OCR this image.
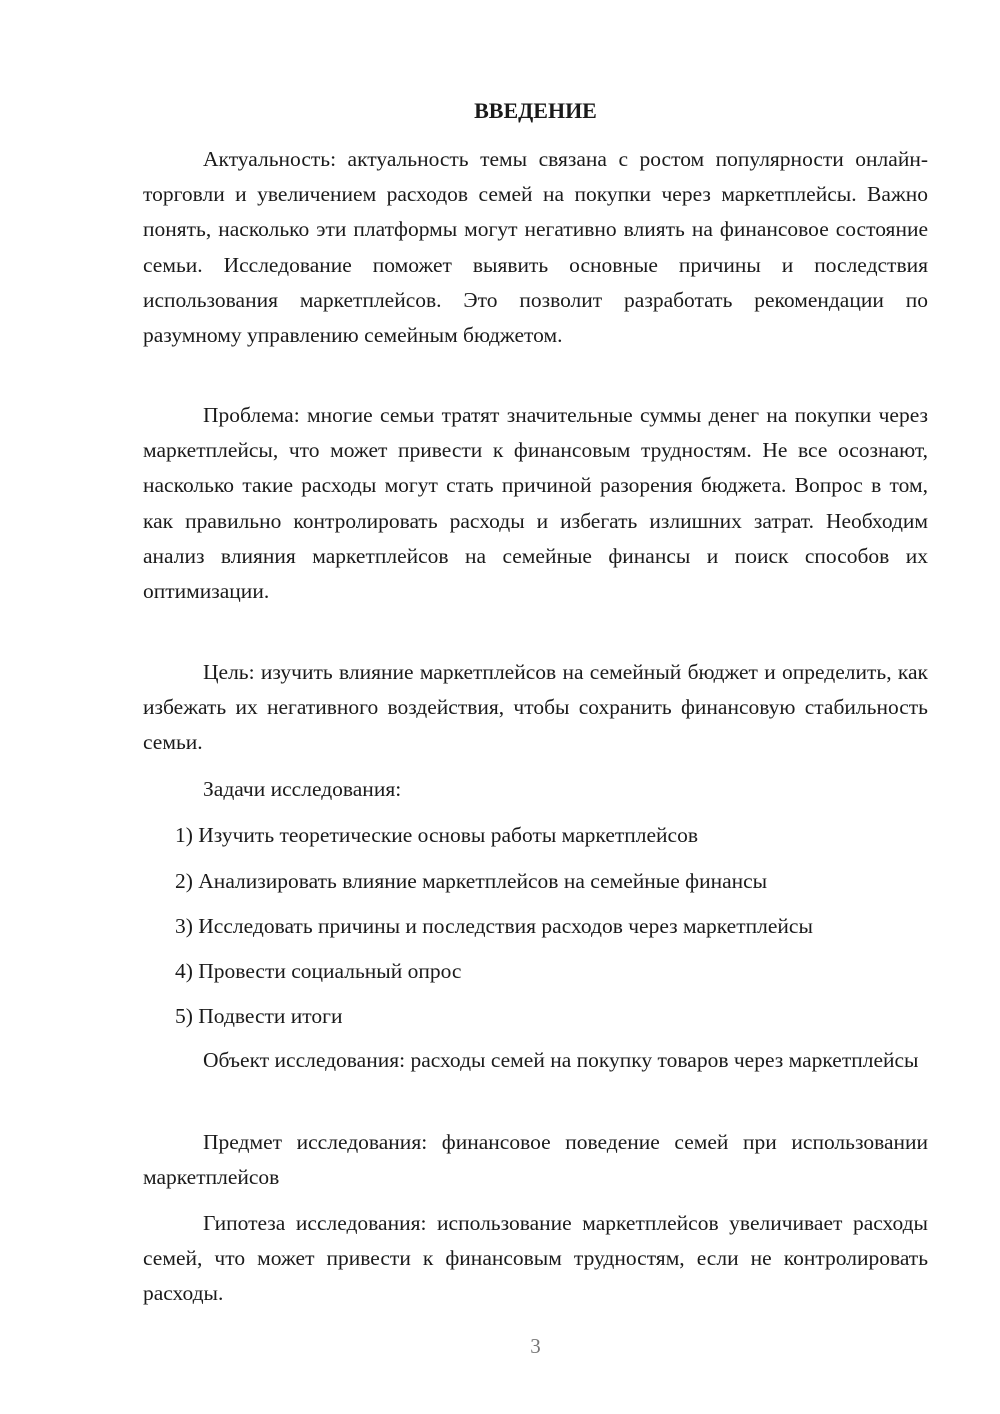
ВВЕДЕНИЕ

Актуальность: актуальность темы связана с ростом популярности онлайн-торговли и увеличением расходов семей на покупки через маркетплейсы. Важно понять, насколько эти платформы могут негативно влиять на финансовое состояние семьи. Исследование поможет выявить основные причины и последствия использования маркетплейсов. Это позволит разработать рекомендации по разумному управлению семейным бюджетом.

Проблема: многие семьи тратят значительные суммы денег на покупки через маркетплейсы, что может привести к финансовым трудностям. Не все осознают, насколько такие расходы могут стать причиной разорения бюджета. Вопрос в том, как правильно контролировать расходы и избегать излишних затрат. Необходим анализ влияния маркетплейсов на семейные финансы и поиск способов их оптимизации.

Цель: изучить влияние маркетплейсов на семейный бюджет и определить, как избежать их негативного воздействия, чтобы сохранить финансовую стабильность семьи.

Задачи исследования:

1) Изучить теоретические основы работы маркетплейсов
2) Анализировать влияние маркетплейсов на семейные финансы
3) Исследовать причины и последствия расходов через маркетплейсы
4) Провести социальный опрос
5) Подвести итоги

Объект исследования: расходы семей на покупку товаров через маркетплейсы

Предмет исследования: финансовое поведение семей при использовании маркетплейсов

Гипотеза исследования: использование маркетплейсов увеличивает расходы семей, что может привести к финансовым трудностям, если не контролировать расходы.

3
